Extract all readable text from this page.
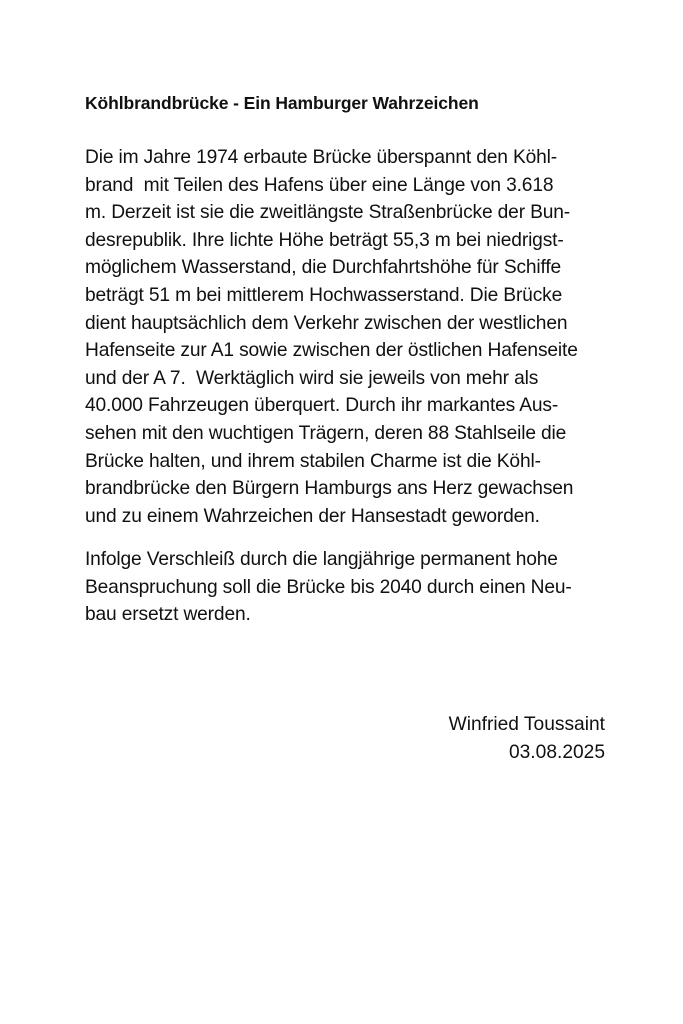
Köhlbrandbrücke - Ein Hamburger Wahrzeichen
Die im Jahre 1974 erbaute Brücke überspannt den Köhl-
brand  mit Teilen des Hafens über eine Länge von 3.618
m. Derzeit ist sie die zweitlängste Straßenbrücke der Bun-
desrepublik. Ihre lichte Höhe beträgt 55,3 m bei niedrigst-
möglichem Wasserstand, die Durchfahrtshöhe für Schiffe
beträgt 51 m bei mittlerem Hochwasserstand. Die Brücke
dient hauptsächlich dem Verkehr zwischen der westlichen
Hafenseite zur A1 sowie zwischen der östlichen Hafenseite
und der A 7.  Werktäglich wird sie jeweils von mehr als
40.000 Fahrzeugen überquert. Durch ihr markantes Aus-
sehen mit den wuchtigen Trägern, deren 88 Stahlseile die
Brücke halten, und ihrem stabilen Charme ist die Köhl-
brandbrücke den Bürgern Hamburgs ans Herz gewachsen
und zu einem Wahrzeichen der Hansestadt geworden.
Infolge Verschleiß durch die langjährige permanent hohe
Beanspruchung soll die Brücke bis 2040 durch einen Neu-
bau ersetzt werden.
Winfried Toussaint
03.08.2025
